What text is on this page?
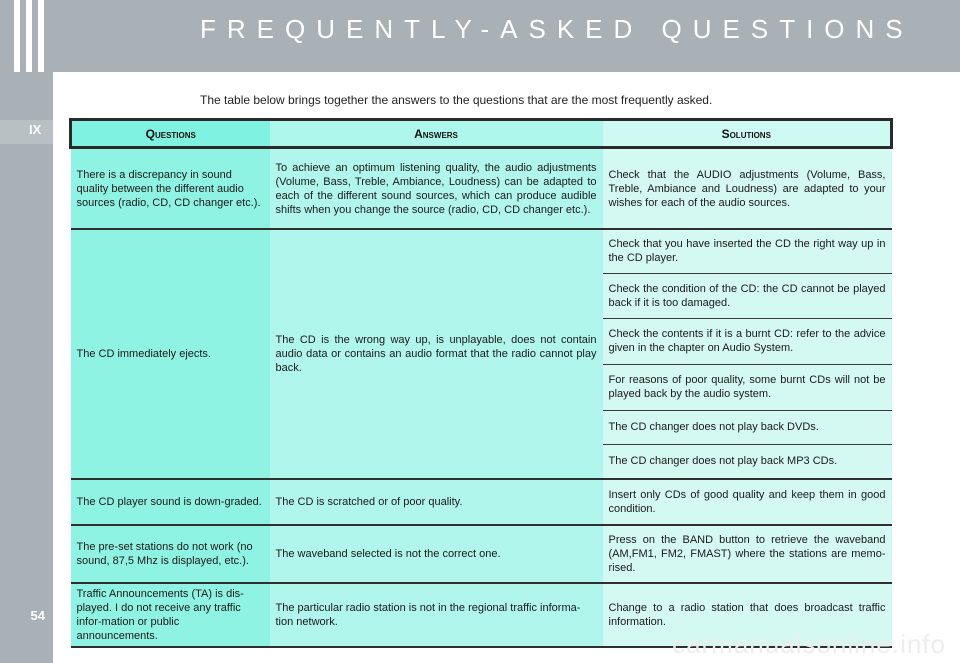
FREQUENTLY-ASKED QUESTIONS
IX
54
The table below brings together the answers to the questions that are the most frequently asked.
Questions	Answers	Solutions
There is a discrepancy in sound quality between the different audio sources (radio, CD, CD changer etc.).	To achieve an optimum listening quality, the audio adjustments (Volume, Bass, Treble, Ambiance, Loudness) can be adapted to each of the different sound sources, which can produce audible shifts when you change the source (radio, CD, CD changer etc.).	Check that the AUDIO adjustments (Volume, Bass, Treble, Ambiance and Loudness) are adapted to your wishes for each of the audio sources.
The CD immediately ejects.	The CD is the wrong way up, is unplayable, does not contain audio data or contains an audio format that the radio cannot play back.	Check that you have inserted the CD the right way up in the CD player.
		Check the condition of the CD: the CD cannot be played back if it is too damaged.
		Check the contents if it is a burnt CD: refer to the advice given in the chapter on Audio System.
		For reasons of poor quality, some burnt CDs will not be played back by the audio system.
		The CD changer does not play back DVDs.
		The CD changer does not play back MP3 CDs.
The CD player sound is down-graded.	The CD is scratched or of poor quality.	Insert only CDs of good quality and keep them in good condition.
The pre-set stations do not work (no sound, 87,5 Mhz is displayed, etc.).	The waveband selected is not the correct one.	Press on the BAND button to retrieve the waveband (AM,FM1, FM2, FMAST) where the stations are memo-rised.
Traffic Announcements (TA) is dis-played. I do not receive any traffic infor-mation or public announcements.	The particular radio station is not in the regional traffic informa-tion network.	Change to a radio station that does broadcast traffic information.
carmanualsonline.info
